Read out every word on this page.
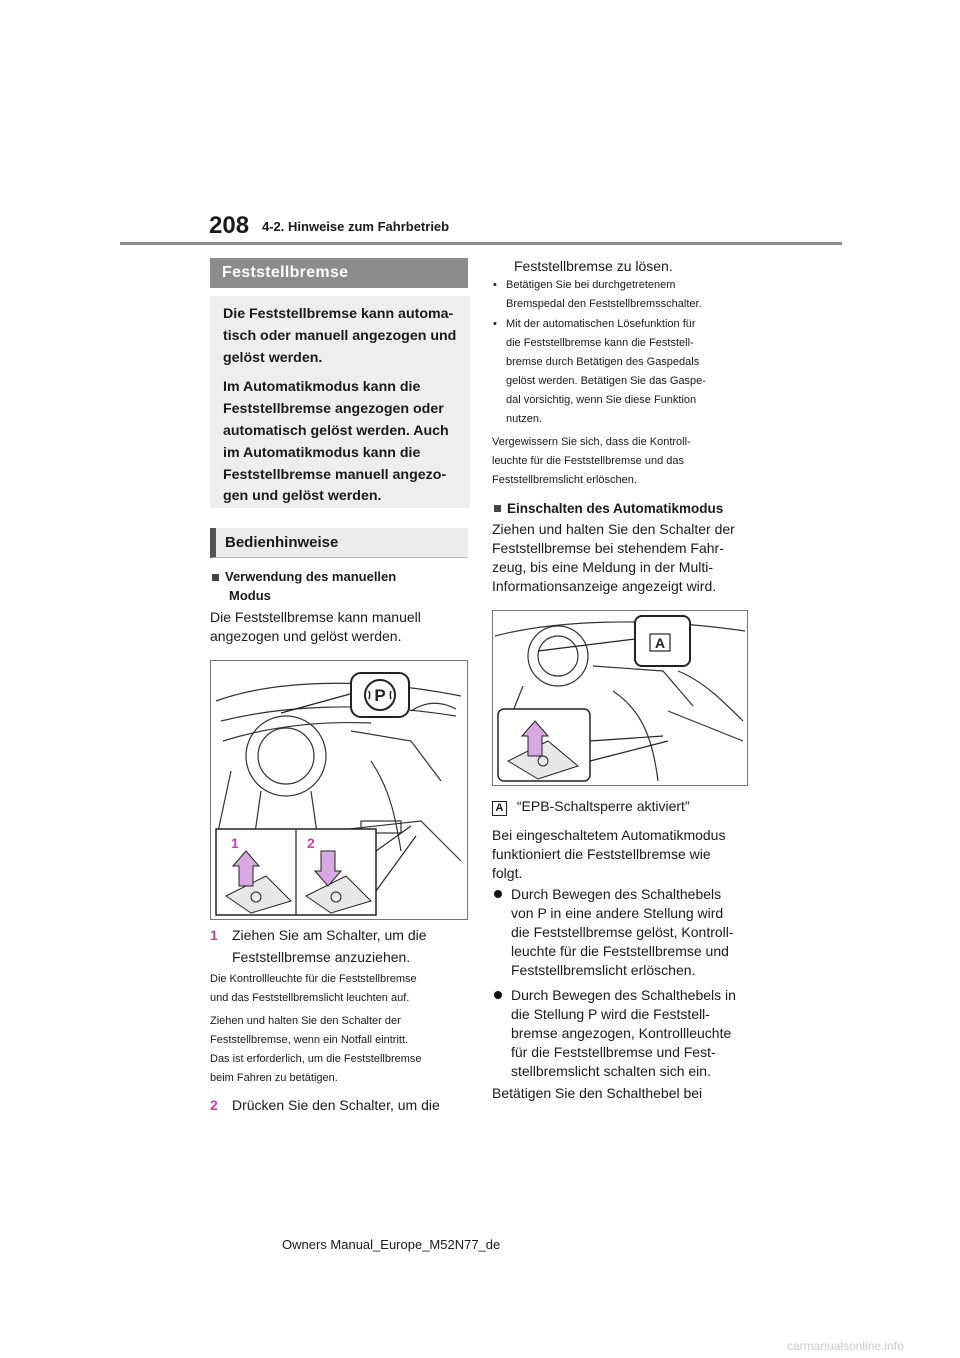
208 4-2. Hinweise zum Fahrbetrieb
Feststellbremse

Die Feststellbremse kann automa-
tisch oder manuell angezogen und
gelöst werden.

Im Automatikmodus kann die
Feststellbremse angezogen oder
automatisch gelöst werden. Auch
im Automatikmodus kann die
Feststellbremse manuell angezo-
gen und gelöst werden.

Bedienhinweise
Verwendung des manuellen
Modus
Die Feststellbremse kann manuell
angezogen und gelöst werden.
P
1	2
1 Ziehen Sie am Schalter, um die
Feststellbremse anzuziehen.
Die Kontrollleuchte für die Feststellbremse
und das Feststellbremslicht leuchten auf.
Ziehen und halten Sie den Schalter der
Feststellbremse, wenn ein Notfall eintritt.
Das ist erforderlich, um die Feststellbremse
beim Fahren zu betätigen.
2 Drücken Sie den Schalter, um die
Feststellbremse zu lösen.
• Betätigen Sie bei durchgetretenem
Bremspedal den Feststellbremsschalter.
• Mit der automatischen Lösefunktion für
die Feststellbremse kann die Feststell-
bremse durch Betätigen des Gaspedals
gelöst werden. Betätigen Sie das Gaspe-
dal vorsichtig, wenn Sie diese Funktion
nutzen.
Vergewissern Sie sich, dass die Kontroll-
leuchte für die Feststellbremse und das
Feststellbremslicht erlöschen.
Einschalten des Automatikmodus
Ziehen und halten Sie den Schalter der
Feststellbremse bei stehendem Fahr-
zeug, bis eine Meldung in der Multi-
Informationsanzeige angezeigt wird.
A
A “EPB-Schaltsperre aktiviert”
Bei eingeschaltetem Automatikmodus
funktioniert die Feststellbremse wie
folgt.
Durch Bewegen des Schalthebels
von P in eine andere Stellung wird
die Feststellbremse gelöst, Kontroll-
leuchte für die Feststellbremse und
Feststellbremslicht erlöschen.
Durch Bewegen des Schalthebels in
die Stellung P wird die Feststell-
bremse angezogen, Kontrollleuchte
für die Feststellbremse und Fest-
stellbremslicht schalten sich ein.
Betätigen Sie den Schalthebel bei
Owners Manual_Europe_M52N77_de
carmanualsonline.info
